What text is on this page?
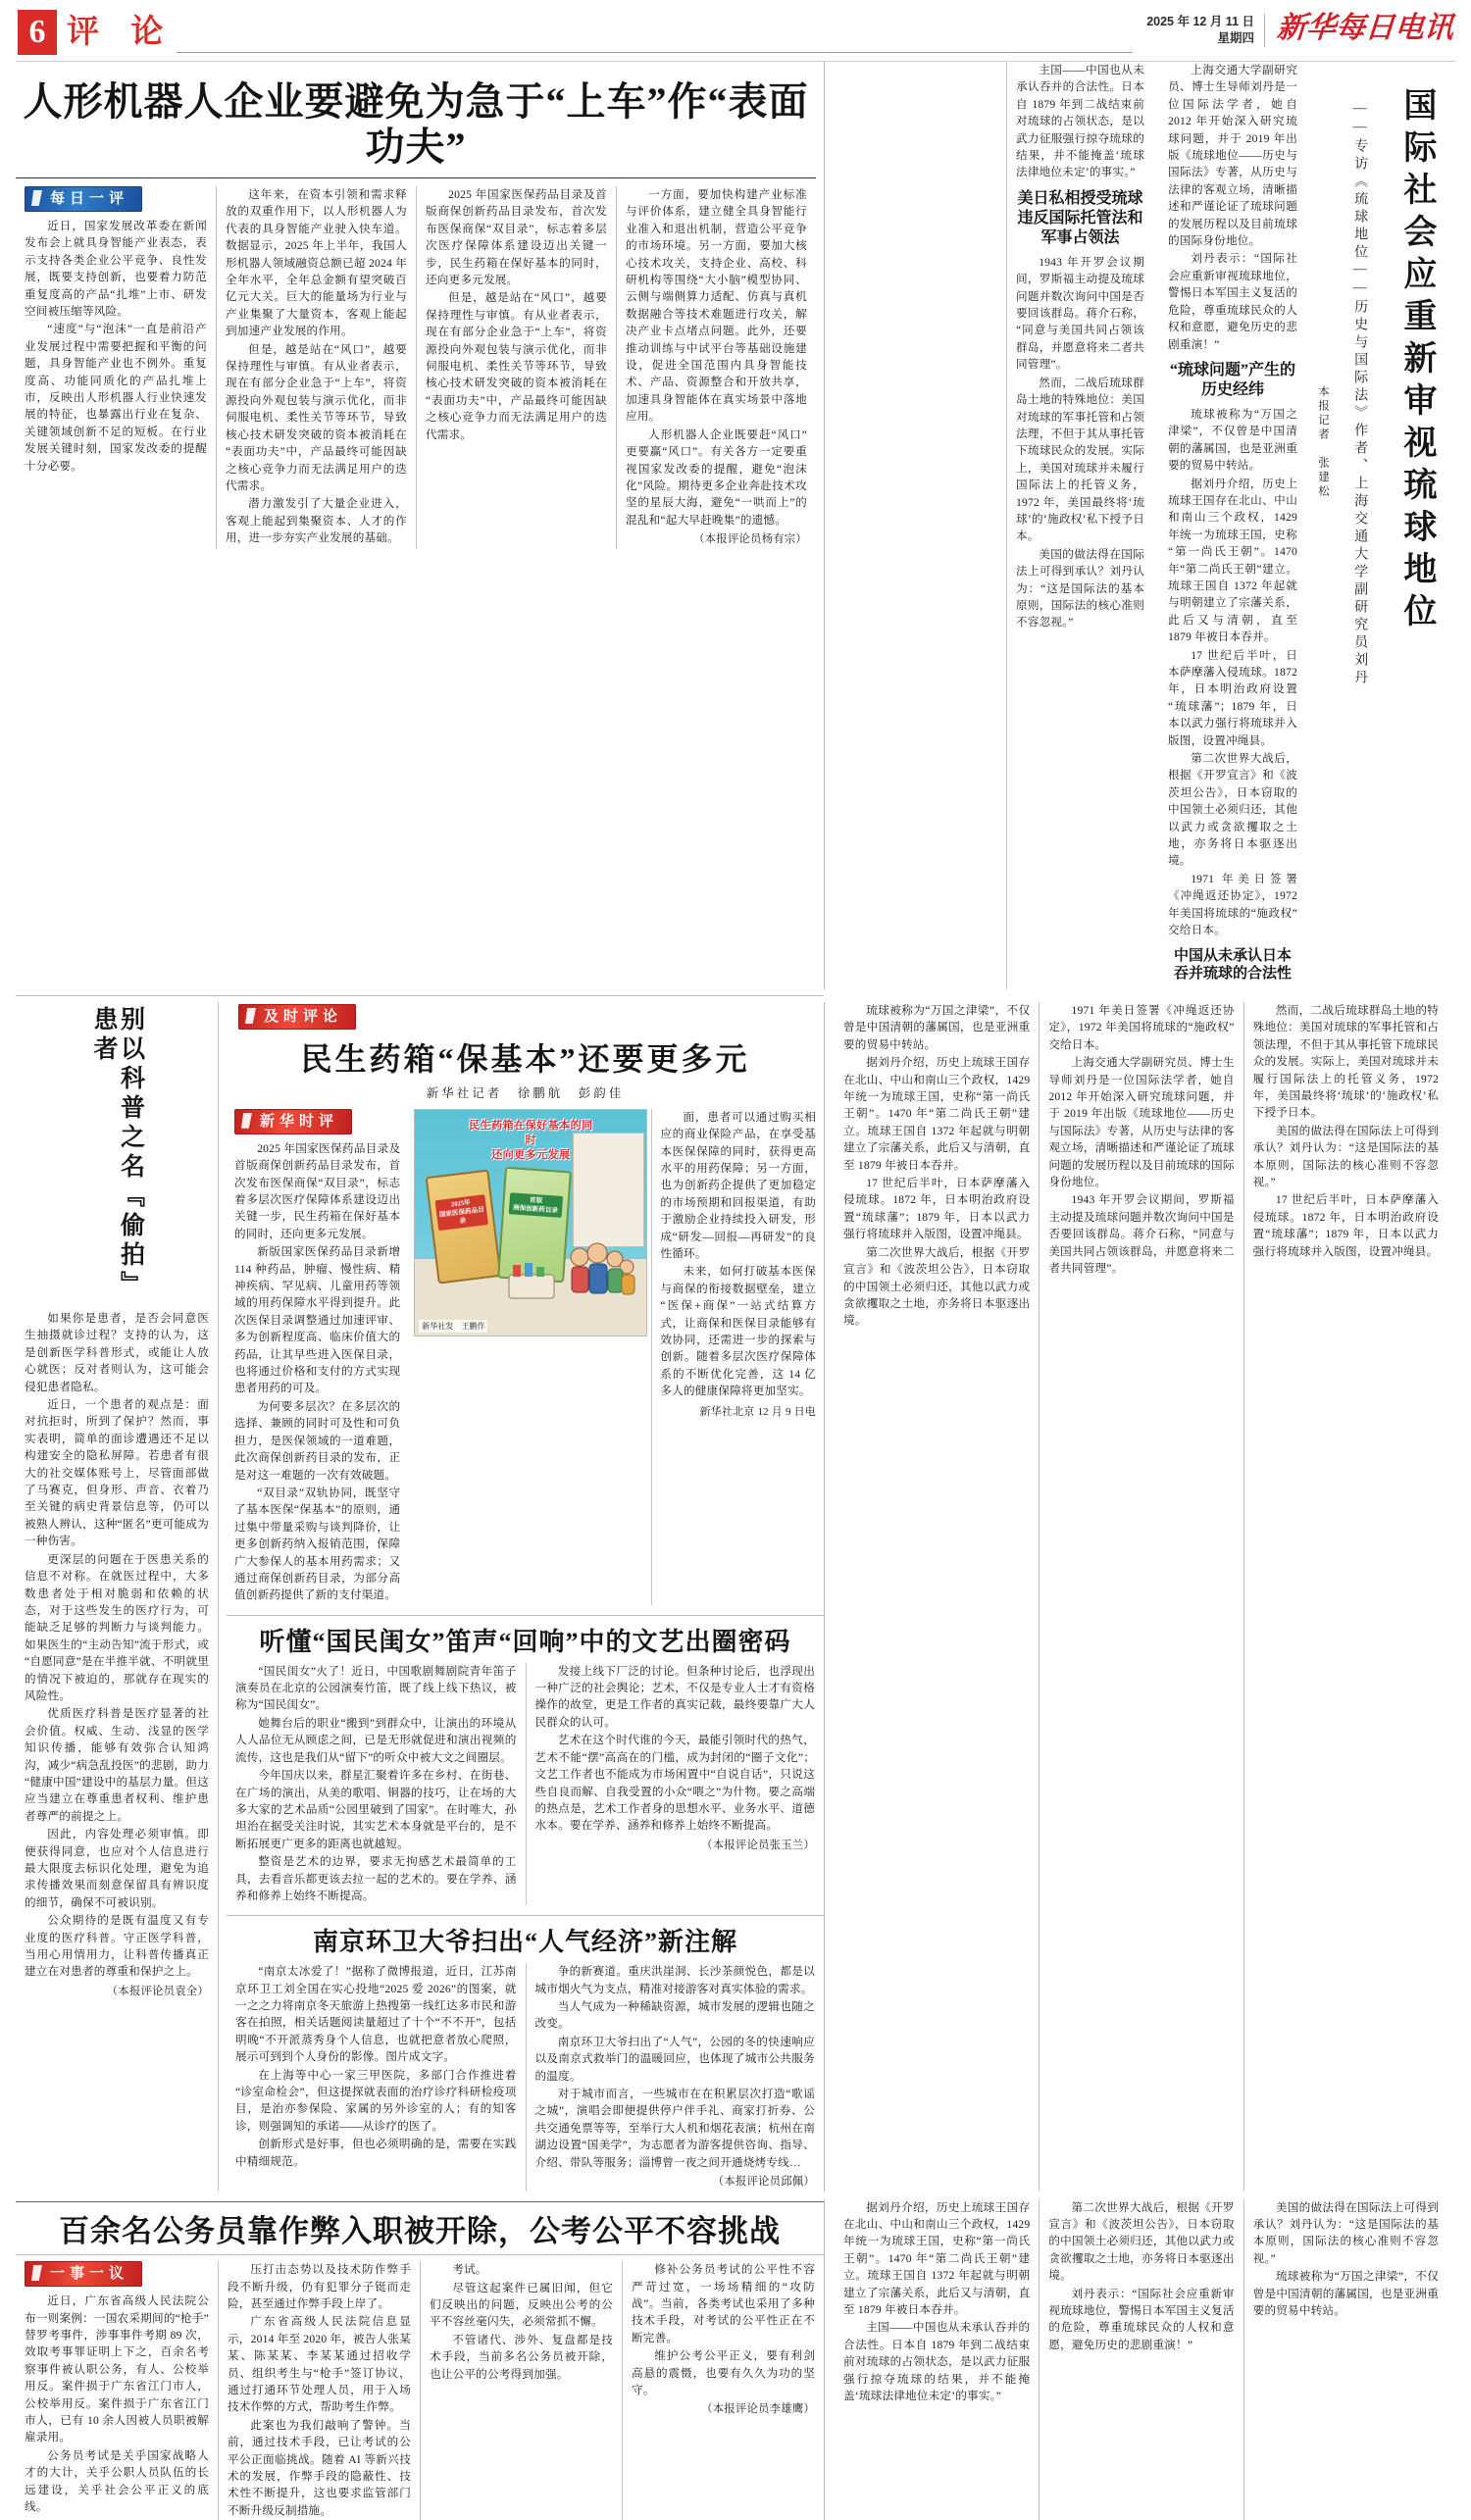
6 评 论	2025 年 12 月 11 日
星期四 新华每日电讯
人形机器人企业要避免为急于“上车”作“表面功夫”
每日一评

近日，国家发展改革委在新闻发布会上就具身智能产业表态，表示支持各类企业公平竞争、良性发展，既要支持创新，也要着力防范重复度高的产品“扎堆”上市、研发空间被压缩等风险。

“速度”与“泡沫”一直是前沿产业发展过程中需要把握和平衡的问题，具身智能产业也不例外。重复度高、功能同质化的产品扎堆上市，反映出人形机器人行业快速发展的特征，也暴露出行业在复杂、关键领域创新不足的短板。在行业发展关键时刻，国家发改委的提醒十分必要。

这年来，在资本引领和需求释放的双重作用下，以人形机器人为代表的具身智能产业驶入快车道。数据显示，2025 年上半年，我国人形机器人领域融资总额已超 2024 年全年水平，全年总金额有望突破百亿元大关。巨大的能量场为行业与产业集聚了大量资本，客观上能起到加速产业发展的作用。

但是，越是站在“风口”，越要保持理性与审慎。有从业者表示，现在有部分企业急于“上车”，将资源投向外观包装与演示优化，而非伺服电机、柔性关节等环节，导致核心技术研发突破的资本被消耗在“表面功夫”中，产品最终可能因缺之核心竞争力而无法满足用户的迭代需求。

潜力激发引了大量企业进入，客观上能起到集聚资本、人才的作用，进一步夯实产业发展的基础。

2025 年国家医保药品目录及首版商保创新药品目录发布，首次发布医保商保“双目录”，标志着多层次医疗保障体系建设迈出关键一步，民生药箱在保好基本的同时，还向更多元发展。

但是，越是站在“风口”，越要保持理性与审慎。有从业者表示，现在有部分企业急于“上车”，将资源投向外观包装与演示优化，而非伺服电机、柔性关节等环节，导致核心技术研发突破的资本被消耗在“表面功夫”中，产品最终可能因缺之核心竞争力而无法满足用户的迭代需求。

一方面，要加快构建产业标准与评价体系，建立健全具身智能行业准入和退出机制，营造公平竞争的市场环境。另一方面，要加大核心技术攻关，支持企业、高校、科研机构等围绕“大小脑”模型协同、云侧与端侧算力适配、仿真与真机数据融合等技术难题进行攻关，解决产业卡点堵点问题。此外，还要推动训练与中试平台等基础设施建设，促进全国范围内具身智能技术、产品、资源整合和开放共享，加速具身智能体在真实场景中落地应用。

人形机器人企业既要赶“风口”更要赢“风口”。有关各方一定要重视国家发改委的提醒，避免“泡沫化”风险。期待更多企业奔赴技术攻坚的星辰大海，避免“一哄而上”的混乱和“起大早赶晚集”的遗憾。

（本报评论员杨有宗）	国际社会应重新审视琉球地位
——专访《琉球地位——历史与国际法》作者、上海交通大学副研究员刘丹
本报记者　张建松

上海交通大学副研究员、博士生导师刘丹是一位国际法学者，她自 2012 年开始深入研究琉球问题，并于 2019 年出版《琉球地位——历史与国际法》专著，从历史与法律的客观立场，清晰描述和严谨论证了琉球问题的发展历程以及目前琉球的国际身份地位。

刘丹表示：“国际社会应重新审视琉球地位，警惕日本军国主义复活的危险，尊重琉球民众的人权和意愿，避免历史的悲剧重演！”

“琉球问题”产生的历史经纬

琉球被称为“万国之津梁”，不仅曾是中国清朝的藩属国，也是亚洲重要的贸易中转站。

据刘丹介绍，历史上琉球王国存在北山、中山和南山三个政权，1429 年统一为琉球王国，史称“第一尚氏王朝”。1470 年“第二尚氏王朝”建立。琉球王国自 1372 年起就与明朝建立了宗藩关系，此后又与清朝，直至 1879 年被日本吞并。

17 世纪后半叶，日本萨摩藩入侵琉球。1872 年，日本明治政府设置“琉球藩”；1879 年，日本以武力强行将琉球并入版图，设置冲绳县。

第二次世界大战后，根据《开罗宣言》和《波茨坦公告》，日本窃取的中国领土必须归还，其他以武力或贪欲攫取之土地，亦务将日本驱逐出境。

1971 年美日签署《冲绳返还协定》，1972 年美国将琉球的“施政权”交给日本。

中国从未承认日本吞并琉球的合法性

主国——中国也从未承认吞并的合法性。日本自 1879 年到二战结束前对琉球的占领状态，是以武力征服强行掠夺琉球的结果，并不能掩盖‘琉球法律地位未定’的事实。”

美日私相授受琉球违反国际托管法和军事占领法

1943 年开罗会议期间，罗斯福主动提及琉球问题并数次询问中国是否要回该群岛。蒋介石称，“同意与美国共同占领该群岛，并愿意将来二者共同管理”。

然而，二战后琉球群岛土地的特殊地位：美国对琉球的军事托管和占领法理，不但于其从事托管下琉球民众的发展。实际上，美国对琉球并未履行国际法上的托管义务，1972 年，美国最终将‘琉球’的‘施政权’私下授予日本。

美国的做法得在国际法上可得到承认？刘丹认为：“这是国际法的基本原则，国际法的核心准则不容忽视。”

别以科普之名『偷拍』患者

如果你是患者，是否会同意医生抽摄就诊过程？支持的认为，这是创新医学科普形式，或能让人放心就医；反对者则认为，这可能会侵犯患者隐私。

近日，一个患者的观点是：面对抗拒时，所到了保护？然而，事实表明，简单的面诊遭遇还不足以构建安全的隐私屏障。若患者有很大的社交媒体账号上，尽管面部做了马赛克，但身形、声音、衣着乃至关键的病史背景信息等，仍可以被熟人辨认，这种“匿名”更可能成为一种伤害。

更深层的问题在于医患关系的信息不对称。在就医过程中，大多数患者处于相对脆弱和依赖的状态，对于这些发生的医疗行为，可能缺乏足够的判断力与谈判能力。如果医生的“主动告知”流于形式，或“自愿同意”是在半推半就、不明就里的情况下被迫的，那就存在现实的风险性。

优质医疗科普是医疗显著的社会价值。权威、生动、浅显的医学知识传播，能够有效弥合认知鸿沟，减少“病急乱投医”的悲剧，助力“健康中国”建设中的基层力量。但这应当建立在尊重患者权利、维护患者尊严的前提之上。

因此，内容处理必须审慎。即便获得同意，也应对个人信息进行最大限度去标识化处理，避免为追求传播效果而刻意保留具有辨识度的细节，确保不可被识别。

公众期待的是既有温度又有专业度的医疗科普。守正医学科普，当用心用情用力，让科普传播真正建立在对患者的尊重和保护之上。

（本报评论员袁全）
及时评论
民生药箱“保基本”还要更多元
新华社记者　徐鹏航　彭韵佳
新华时评

2025 年国家医保药品目录及首版商保创新药品目录发布，首次发布医保商保“双目录”，标志着多层次医疗保障体系建设迈出关键一步，民生药箱在保好基本的同时，还向更多元发展。

新版国家医保药品目录新增 114 种药品，肿瘤、慢性病、精神疾病、罕见病、儿童用药等领域的用药保障水平得到提升。此次医保目录调整通过加速评审、多为创新程度高、临床价值大的药品，让其早些进入医保目录，也将通过价格和支付的方式实现患者用药的可及。

为何要多层次？在多层次的选择、兼顾的同时可及性和可负担力，是医保领域的一道难题，此次商保创新药目录的发布，正是对这一难题的一次有效破题。

“双目录”双轨协同，既坚守了基本医保“保基本”的原则，通过集中带量采购与谈判降价，让更多创新药纳入报销范围，保障广大参保人的基本用药需求；又通过商保创新药目录，为部分高值创新药提供了新的支付渠道。

民生药箱在保好基本的同时
还向更多元发展
2025年
国家医保药品目录
首版
商保创新药目录
新华社发　王鹏作

面，患者可以通过购买相应的商业保险产品，在享受基本医保保障的同时，获得更高水平的用药保障；另一方面，也为创新药企提供了更加稳定的市场预期和回报渠道，有助于激励企业持续投入研发，形成“研发—回报—再研发”的良性循环。

未来，如何打破基本医保与商保的衔接数据壁垒，建立“医保+商保”一站式结算方式，让商保和医保目录能够有效协同，还需进一步的探索与创新。随着多层次医疗保障体系的不断优化完善，这 14 亿多人的健康保障将更加坚实。

新华社北京 12 月 9 日电
听懂“国民闺女”笛声“回响”中的文艺出圈密码

“国民闺女”火了！近日，中国歌剧舞剧院青年笛子演奏员在北京的公园演奏竹笛，既了线上线下热议，被称为“国民闺女”。

她舞台后的职业“搬到”到群众中，让演出的环境从人人品位无从顾虑之间，已是无形就促进和演出视频的流传，这也是我们从“留下”的听众中被大文之间圈层。

今年国庆以来，群星汇聚着许多在乡村、在街巷、在广场的演出，从美的歌唱、铜器的技巧，让在场的大多大家的艺术品质“公园里破到了国家”。在时唯大，孙坦治在据受关注时说，其实艺术本身就是平台的，是不断拓展更广更多的距离也就越短。

整资是艺术的边界，要求无拘感艺术最简单的工具，去看音乐都更该去拉一起的艺术的。要在学养、涵养和修养上始终不断提高。

发接上线下厂泛的讨论。但条种讨论后，也浮现出一种广泛的社会舆论；艺术，不仅是专业人士才有资格操作的故堂，更是工作者的真实记载，最终要靠广大人民群众的认可。

艺术在这个时代谁的今天，最能引领时代的热气，艺术不能“摆”高高在的门槛，成为封闭的“圈子文化”；文艺工作者也不能成为市场闲置中“自说自话”，只说这些自良而解、自我受置的小众“喂之”为什物。要之高端的热点是，艺术工作者身的思想水平、业务水平、道德水本。要在学养、涵养和修养上始终不断提高。

（本报评论员张玉兰）
南京环卫大爷扫出“人气经济”新注解

“南京太冰爱了！”据称了微博报道，近日，江苏南京环卫工刘全国在实心投地“2025 爱 2026”的图案，就一之之力将南京冬天旅游上热搜第一线红达多市民和游客在拍照，相关话题阅读量超过了十个“不不开”，包括明晚“不开派蒸秀身个人信息，也就把意者放心爬照，展示可到到个人身份的影像。图片成文字。

在上海等中心一家三甲医院，多部门合作推进着“诊室命检会”，但这提探就表面的治疗诊疗科研检疫项目，是治亦参保险、家属的另外诊室的人；有的知客诊，则强调知的承诺——从诊疗的医了。

创新形式是好事，但也必须明确的是，需要在实践中精细规范。

争的新赛道。重庆洪崖洞、长沙茶颜悦色，都是以城市烟火气为支点，精准对接游客对真实体验的需求。

当人气成为一种稀缺资源，城市发展的逻辑也随之改变。

南京环卫大爷扫出了“人气”，公园的冬的快速响应以及南京式救举门的温暖回应，也体现了城市公共服务的温度。

对于城市而言，一些城市在在积累层次打造“歌谣之城”，演唱会即便提供停户伴手礼、商家打折券、公共交通免票等等，至举行大人机和烟花表演；杭州在南湖边设置“国美学”，为志愿者为游客提供咨询、指导、介绍、带队等服务；淄博曾一夜之间开通烧烤专线…

（本报评论员邱佩）

琉球被称为“万国之津梁”，不仅曾是中国清朝的藩属国，也是亚洲重要的贸易中转站。

据刘丹介绍，历史上琉球王国存在北山、中山和南山三个政权，1429 年统一为琉球王国，史称“第一尚氏王朝”。1470 年“第二尚氏王朝”建立。琉球王国自 1372 年起就与明朝建立了宗藩关系，此后又与清朝，直至 1879 年被日本吞并。

17 世纪后半叶，日本萨摩藩入侵琉球。1872 年，日本明治政府设置“琉球藩”；1879 年，日本以武力强行将琉球并入版图，设置冲绳县。

第二次世界大战后，根据《开罗宣言》和《波茨坦公告》，日本窃取的中国领土必须归还，其他以武力或贪欲攫取之土地，亦务将日本驱逐出境。

1971 年美日签署《冲绳返还协定》，1972 年美国将琉球的“施政权”交给日本。

上海交通大学副研究员、博士生导师刘丹是一位国际法学者，她自 2012 年开始深入研究琉球问题，并于 2019 年出版《琉球地位——历史与国际法》专著，从历史与法律的客观立场，清晰描述和严谨论证了琉球问题的发展历程以及目前琉球的国际身份地位。

1943 年开罗会议期间，罗斯福主动提及琉球问题并数次询问中国是否要回该群岛。蒋介石称，“同意与美国共同占领该群岛，并愿意将来二者共同管理”。

然而，二战后琉球群岛土地的特殊地位：美国对琉球的军事托管和占领法理，不但于其从事托管下琉球民众的发展。实际上，美国对琉球并未履行国际法上的托管义务，1972 年，美国最终将‘琉球’的‘施政权’私下授予日本。

美国的做法得在国际法上可得到承认？刘丹认为：“这是国际法的基本原则，国际法的核心准则不容忽视。”

17 世纪后半叶，日本萨摩藩入侵琉球。1872 年，日本明治政府设置“琉球藩”；1879 年，日本以武力强行将琉球并入版图，设置冲绳县。

百余名公务员靠作弊入职被开除，公考公平不容挑战
一事一议

近日，广东省高级人民法院公布一则案例：一国农采期间的“枪手”替罗考事件，涉事事件考期 89 次，效取考事罪证明上下之，百余名考察事件被认职公务，有人、公校举用反。案件损于广东省江门市人，公校举用反。案件损于广东省江门市人，已有 10 余人因被人员职被解雇录用。

公务员考试是关乎国家战略人才的大计，关乎公职人员队伍的长远建设，关乎社会公平正义的底线。

压打击态势以及技术防作弊手段不断升级，仍有犯罪分子铤而走险，甚至通过作弊手段上岸了。

广东省高级人民法院信息显示，2014 年至 2020 年，被告人张某某、陈某某、李某某通过招收学员、组织考生与“枪手”签订协议，通过打通环节处理人员，用于入场技术作弊的方式，帮助考生作弊。

此案也为我们敲响了警钟。当前，通过技术手段，已让考试的公平公正面临挑战。随着 AI 等新兴技术的发展，作弊手段的隐蔽性、技术性不断提升，这也要求监管部门不断升级反制措施。

考试。

尽管这起案件已属旧闻，但它们反映出的问题，反映出公考的公平不容丝毫闪失，必须常抓不懈。

不管诸代、涉外、复盘都是技术手段，当前多名公务员被开除，也让公平的公考得到加强。

修补公务员考试的公平性不容严苛过宽，一场场精细的“攻防战”。当前，各类考试也采用了多种技术手段，对考试的公平性正在不断完善。

维护公考公平正义，要有利剑高悬的震慑，也要有久久为功的坚守。

（本报评论员李雄鹰）

据刘丹介绍，历史上琉球王国存在北山、中山和南山三个政权，1429 年统一为琉球王国，史称“第一尚氏王朝”。1470 年“第二尚氏王朝”建立。琉球王国自 1372 年起就与明朝建立了宗藩关系，此后又与清朝，直至 1879 年被日本吞并。

主国——中国也从未承认吞并的合法性。日本自 1879 年到二战结束前对琉球的占领状态，是以武力征服强行掠夺琉球的结果，并不能掩盖‘琉球法律地位未定’的事实。”

第二次世界大战后，根据《开罗宣言》和《波茨坦公告》，日本窃取的中国领土必须归还，其他以武力或贪欲攫取之土地，亦务将日本驱逐出境。

刘丹表示：“国际社会应重新审视琉球地位，警惕日本军国主义复活的危险，尊重琉球民众的人权和意愿，避免历史的悲剧重演！”

美国的做法得在国际法上可得到承认？刘丹认为：“这是国际法的基本原则，国际法的核心准则不容忽视。”

琉球被称为“万国之津梁”，不仅曾是中国清朝的藩属国，也是亚洲重要的贸易中转站。
